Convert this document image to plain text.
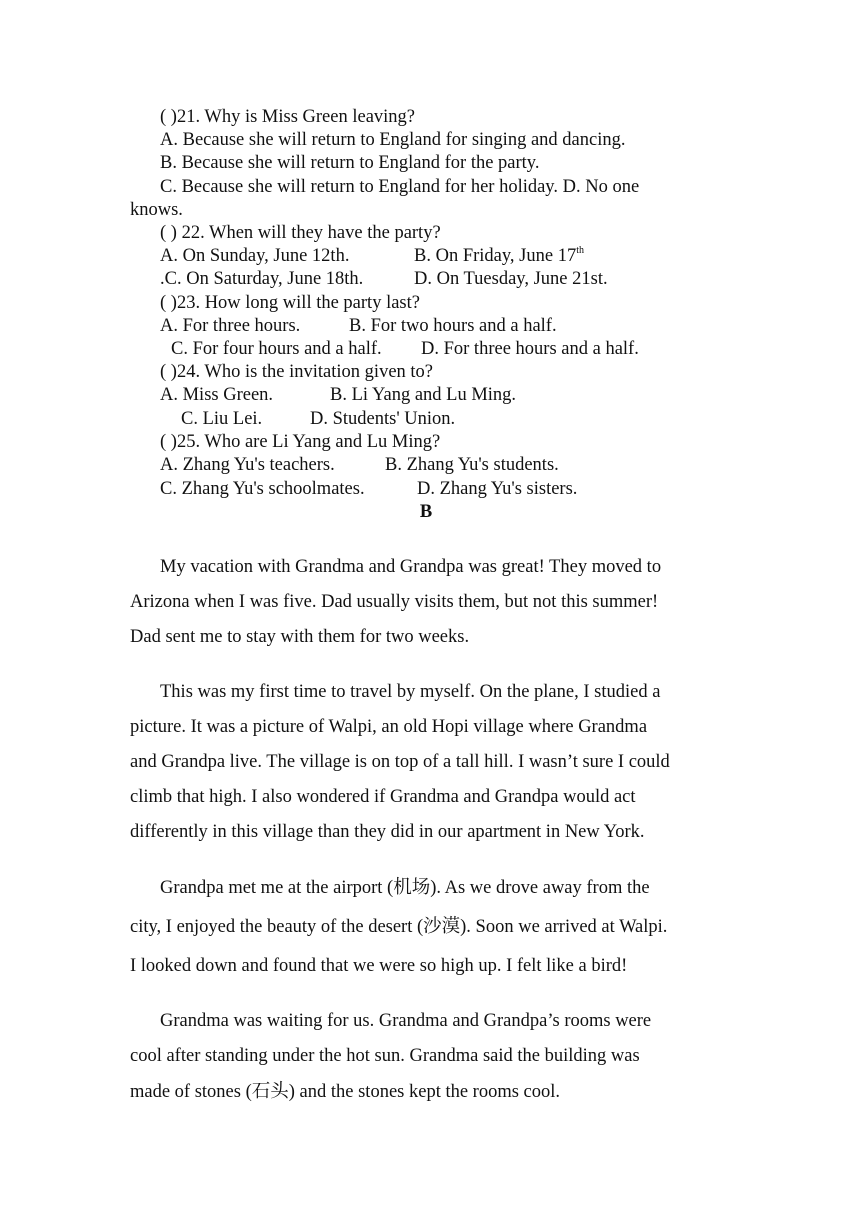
( )21. Why is Miss Green leaving?
A. Because she will return to England for singing and dancing.
B. Because she will return to England for the party.
C. Because she will return to England for her holiday. D. No one
knows.
( ) 22. When will they have the party?
A. On Sunday, June 12th.	B. On Friday, June 17th
.C. On Saturday, June 18th.	D. On Tuesday, June 21st.
( )23. How long will the party last?
A. For three hours.	B. For two hours and a half.
C. For four hours and a half. D. For three hours and a half.
( )24. Who is the invitation given to?
A. Miss Green.	B. Li Yang and Lu Ming.
C. Liu Lei.	D. Students' Union.
( )25. Who are Li Yang and Lu Ming?
A. Zhang Yu's teachers.	B. Zhang Yu's students.
C. Zhang Yu's schoolmates.	D. Zhang Yu's sisters.
B
My vacation with Grandma and Grandpa was great! They moved to
Arizona when I was five. Dad usually visits them, but not this summer!
Dad sent me to stay with them for two weeks.
This was my first time to travel by myself. On the plane, I studied a
picture. It was a picture of Walpi, an old Hopi village where Grandma
and Grandpa live. The village is on top of a tall hill. I wasn’t sure I could
climb that high. I also wondered if Grandma and Grandpa would act
differently in this village than they did in our apartment in New York.
Grandpa met me at the airport (机场). As we drove away from the
city, I enjoyed the beauty of the desert (沙漠). Soon we arrived at Walpi.
I looked down and found that we were so high up. I felt like a bird!
Grandma was waiting for us. Grandma and Grandpa’s rooms were
cool after standing under the hot sun. Grandma said the building was
made of stones (石头) and the stones kept the rooms cool.
